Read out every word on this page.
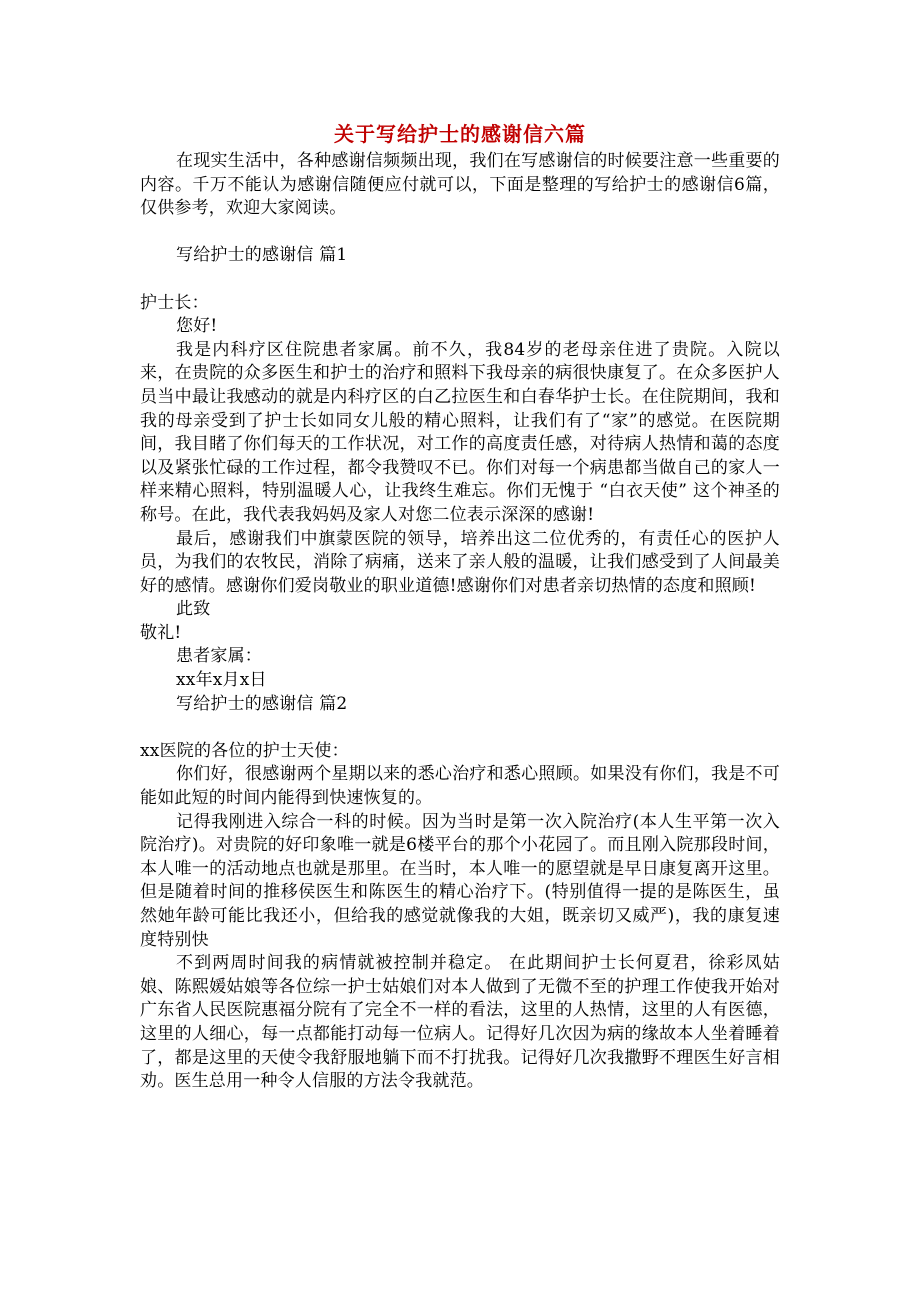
关于写给护士的感谢信六篇

在现实生活中，各种感谢信频频出现，我们在写感谢信的时候要注意一些重要的内容。千万不能认为感谢信随便应付就可以，下面是整理的写给护士的感谢信6篇，仅供参考，欢迎大家阅读。

写给护士的感谢信 篇1

护士长：

您好!

我是内科疗区住院患者家属。前不久，我84岁的老母亲住进了贵院。入院以来，在贵院的众多医生和护士的治疗和照料下我母亲的病很快康复了。在众多医护人员当中最让我感动的就是内科疗区的白乙拉医生和白春华护士长。在住院期间，我和我的母亲受到了护士长如同女儿般的精心照料，让我们有了“家”的感觉。在医院期间，我目睹了你们每天的工作状况，对工作的高度责任感，对待病人热情和蔼的态度以及紧张忙碌的工作过程，都令我赞叹不已。你们对每一个病患都当做自己的家人一样来精心照料，特别温暖人心，让我终生难忘。你们无愧于 “白衣天使” 这个神圣的称号。在此，我代表我妈妈及家人对您二位表示深深的感谢!

最后，感谢我们中旗蒙医院的领导，培养出这二位优秀的，有责任心的医护人员，为我们的农牧民，消除了病痛，送来了亲人般的温暖，让我们感受到了人间最美好的感情。感谢你们爱岗敬业的职业道德!感谢你们对患者亲切热情的态度和照顾!

此致

敬礼!

患者家属：

xx年x月x日

写给护士的感谢信 篇2

xx医院的各位的护士天使：

你们好，很感谢两个星期以来的悉心治疗和悉心照顾。如果没有你们，我是不可能如此短的时间内能得到快速恢复的。

记得我刚进入综合一科的时候。因为当时是第一次入院治疗(本人生平第一次入院治疗)。对贵院的好印象唯一就是6楼平台的那个小花园了。而且刚入院那段时间，本人唯一的活动地点也就是那里。在当时，本人唯一的愿望就是早日康复离开这里。但是随着时间的推移侯医生和陈医生的精心治疗下。(特别值得一提的是陈医生，虽然她年龄可能比我还小，但给我的感觉就像我的大姐，既亲切又威严)，我的康复速度特别快

不到两周时间我的病情就被控制并稳定。 在此期间护士长何夏君，徐彩凤姑娘、陈熙媛姑娘等各位综一护士姑娘们对本人做到了无微不至的护理工作使我开始对广东省人民医院惠福分院有了完全不一样的看法，这里的人热情，这里的人有医德，这里的人细心，每一点都能打动每一位病人。记得好几次因为病的缘故本人坐着睡着了，都是这里的天使令我舒服地躺下而不打扰我。记得好几次我撒野不理医生好言相劝。医生总用一种令人信服的方法令我就范。
